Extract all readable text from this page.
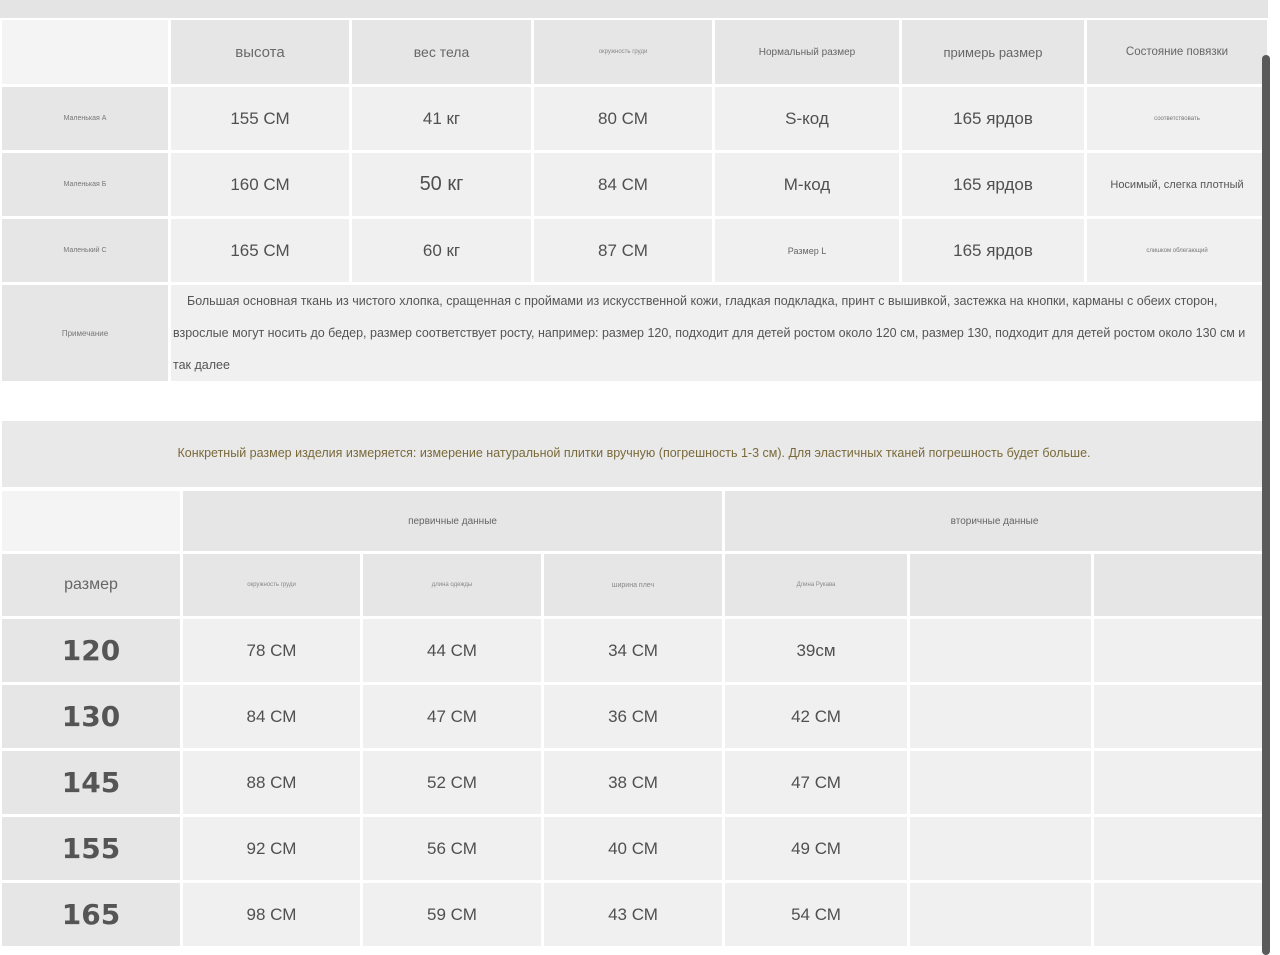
	высота	вес тела	окружность груди	Нормальный размер	примерь размер	Состояние повязки
Маленькая А	155 СМ	41 кг	80 СМ	S-код	165 ярдов	соответствовать
Маленькая Б	160 СМ	50 кг	84 СМ	М-код	165 ярдов	Носимый, слегка плотный
Маленький С	165 СМ	60 кг	87 СМ	Размер L	165 ярдов	слишком облегающий
Примечание	Большая основная ткань из чистого хлопка, сращенная с проймами из искусственной кожи, гладкая подкладка, принт с вышивкой, застежка на кнопки, карманы с обеих сторон, взрослые могут носить до бедер, размер соответствует росту, например: размер 120, подходит для детей ростом около 120 см, размер 130, подходит для детей ростом около 130 см и так далее					
Конкретный размер изделия измеряется: измерение натуральной плитки вручную (погрешность 1-3 см). Для эластичных тканей погрешность будет больше.
	первичные данные			вторичные данные		
размер	окружность груди	длина одежды	ширина плеч	Длина Рукава		
120	78 СМ	44 СМ	34 СМ	39см		
130	84 СМ	47 СМ	36 СМ	42 СМ		
145	88 СМ	52 СМ	38 СМ	47 СМ		
155	92 СМ	56 СМ	40 СМ	49 СМ		
165	98 СМ	59 СМ	43 СМ	54 СМ		
